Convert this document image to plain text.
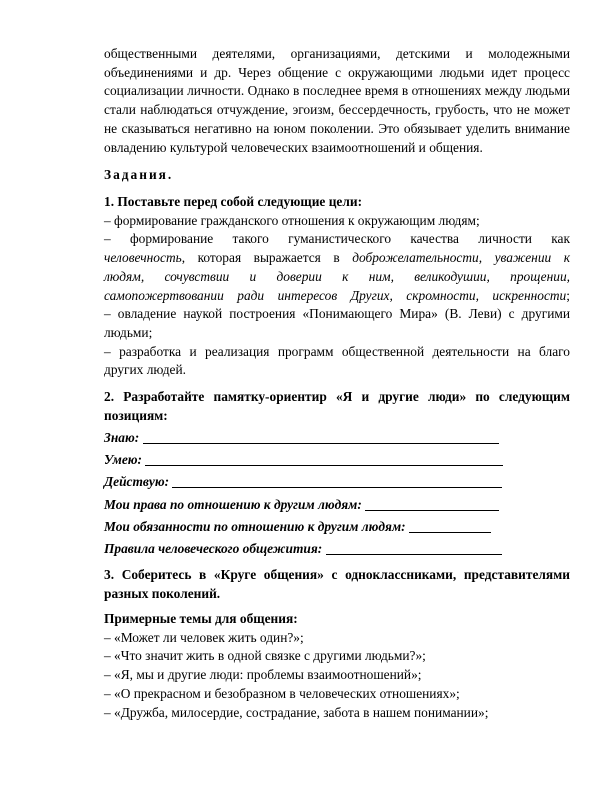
общественными деятелями, организациями, детскими и молодежными
объединениями и др. Через общение с окружающими людьми идет процесс
социализации личности. Однако в последнее время в отношениях между людьми
стали наблюдаться отчуждение, эгоизм, бессердечность, грубость, что не может
не сказываться негативно на юном поколении. Это обязывает уделить внимание
овладению культурой человеческих взаимоотношений и общения.
Задания.
1. Поставьте перед собой следующие цели:
– формирование гражданского отношения к окружающим людям;
– формирование такого гуманистического качества личности как
человечность, которая выражается в доброжелательности, уважении к
людям, сочувствии и доверии к ним, великодушии, прощении,
самопожертвовании ради интересов Других, скромности, искренности;
– овладение наукой построения «Понимающего Мира» (В. Леви) с другими
людьми;
– разработка и реализация программ общественной деятельности на благо
других людей.
2. Разработайте памятку-ориентир «Я и другие люди» по следующим
позициям:
Знаю:
Умею:
Действую:
Мои права по отношению к другим людям:
Мои обязанности по отношению к другим людям:
Правила человеческого общежития:
3. Соберитесь в «Круге общения» с одноклассниками, представителями
разных поколений.
Примерные темы для общения:
– «Может ли человек жить один?»;
– «Что значит жить в одной связке с другими людьми?»;
– «Я, мы и другие люди: проблемы взаимоотношений»;
– «О прекрасном и безобразном в человеческих отношениях»;
– «Дружба, милосердие, сострадание, забота в нашем понимании»;
